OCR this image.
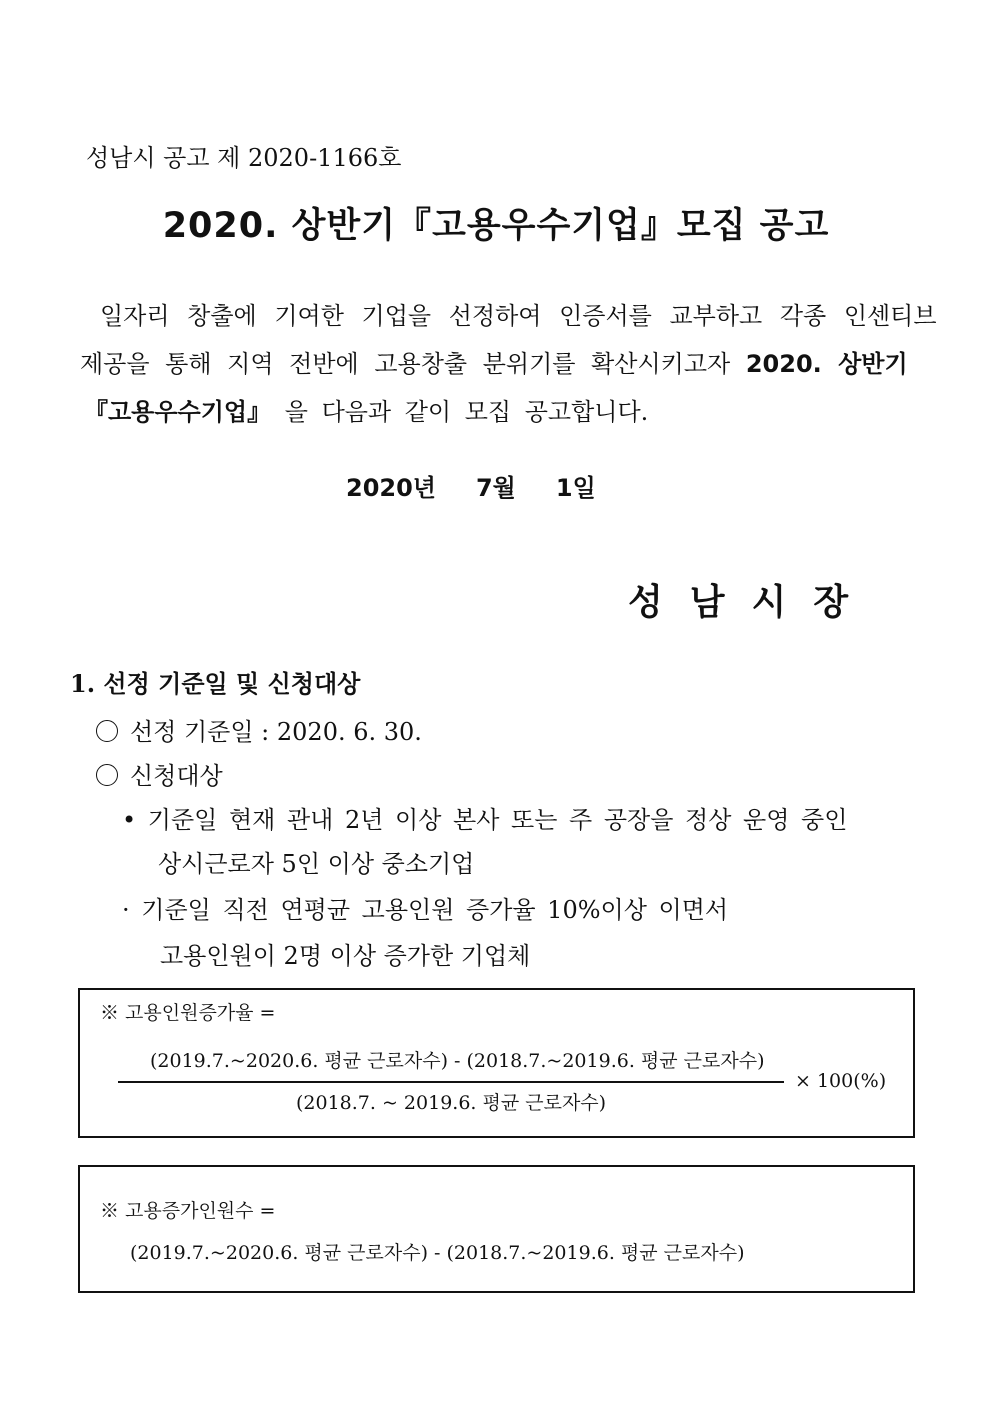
성남시 공고 제 2020-1166호
2020. 상반기『고용우수기업』모집 공고
일자리 창출에 기여한 기업을 선정하여 인증서를 교부하고 각종 인센티브
제공을 통해 지역 전반에 고용창출 분위기를 확산시키고자 2020. 상반기
『고용우수기업』 을 다음과 같이 모집 공고합니다.
2020년 7월 1일
성남시장
1. 선정 기준일 및 신청대상
선정 기준일 : 2020. 6. 30.
신청대상
• 기준일 현재 관내 2년 이상 본사 또는 주 공장을 정상 운영 중인
상시근로자 5인 이상 중소기업
· 기준일 직전 연평균 고용인원 증가율 10%이상 이면서
고용인원이 2명 이상 증가한 기업체
※ 고용인원증가율 =
(2019.7.~2020.6. 평균 근로자수) - (2018.7.~2019.6. 평균 근로자수)
(2018.7. ~ 2019.6. 평균 근로자수)
× 100(%)
※ 고용증가인원수 =
(2019.7.~2020.6. 평균 근로자수) - (2018.7.~2019.6. 평균 근로자수)
